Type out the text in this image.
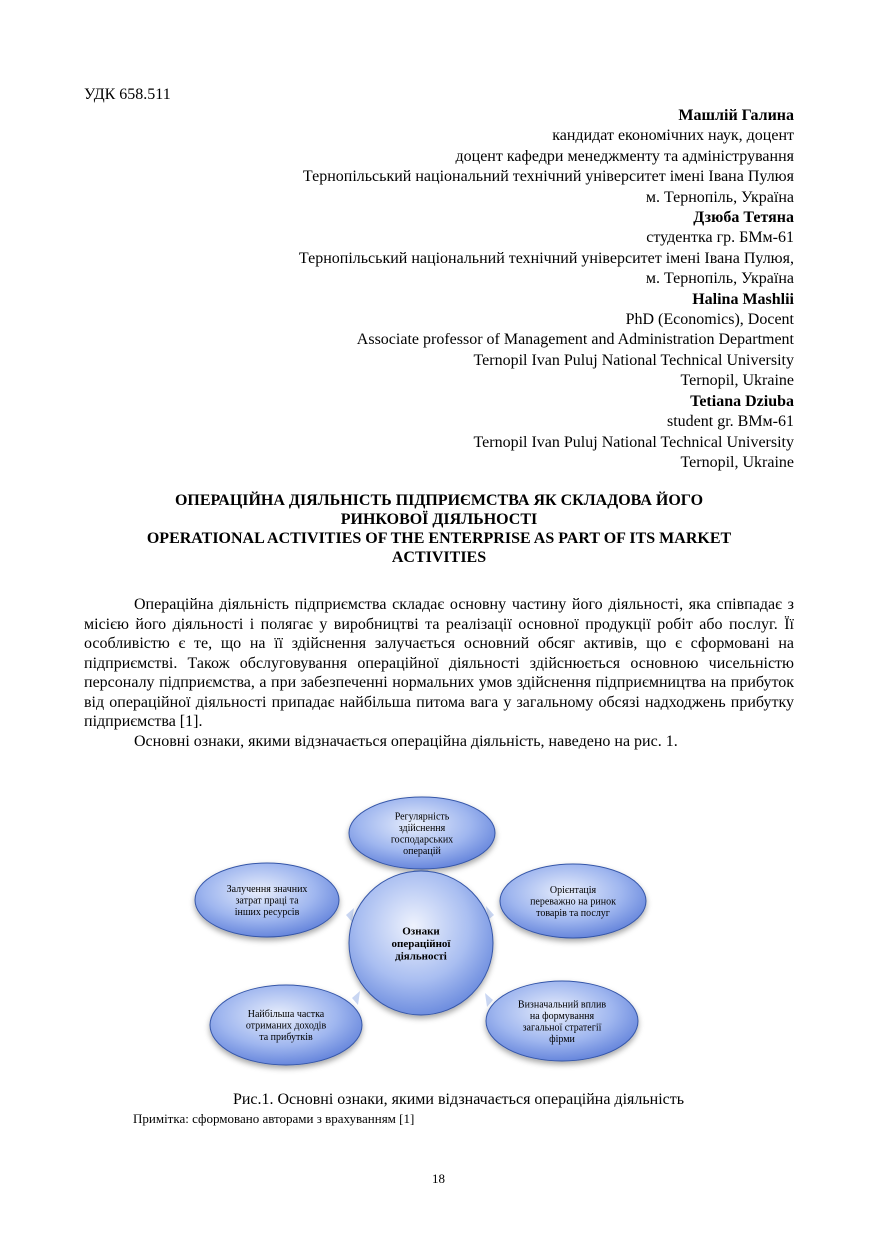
УДК 658.511
Машлій Галина
кандидат економічних наук, доцент
доцент кафедри менеджменту та адміністрування
Тернопільський національний технічний університет імені Івана Пулюя
м. Тернопіль, Україна
Дзюба Тетяна
студентка гр. БМм-61
Тернопільський національний технічний університет імені Івана Пулюя,
м. Тернопіль, Україна
Halina Mashlii
PhD (Economics), Docent
Associate professor of Management and Administration Department
Ternopil Ivan Puluj National Technical University
Ternopil, Ukraine
Tetiana Dziuba
student gr. BMм-61
Ternopil Ivan Puluj National Technical University
Ternopil, Ukraine
ОПЕРАЦІЙНА ДІЯЛЬНІСТЬ ПІДПРИЄМСТВА ЯК СКЛАДОВА ЙОГО
РИНКОВОЇ ДІЯЛЬНОСТІ
OPERATIONAL ACTIVITIES OF THE ENTERPRISE AS PART OF ITS MARKET
ACTIVITIES

Операційна діяльність підприємства складає основну частину його діяльності, яка співпадає з місією його діяльності і полягає у виробництві та реалізації основної продукції робіт або послуг. Її особливістю є те, що на її здійснення залучається основний обсяг активів, що є сформовані на підприємстві. Також обслуговування операційної діяльності здійснюється основною чисельністю персоналу підприємства, а при забезпеченні нормальних умов здійснення підприємництва на прибуток від операційної діяльності припадає найбільша питома вага у загальному обсязі надходжень прибутку підприємства [1].

Основні ознаки, якими відзначається операційна діяльність, наведено на рис. 1.

Регулярність
здійснення
господарських
операцій
Орієнтація
переважно на ринок
товарів та послуг
Визначальний вплив
на формування
загальної стратегії
фірми
Найбільша частка
отриманих доходів
та прибутків
Залучення значних
затрат праці та
інших ресурсів
Ознаки
операційної
діяльності
Рис.1. Основні ознаки, якими відзначається операційна діяльність
Примітка: сформовано авторами з врахуванням [1]
18
